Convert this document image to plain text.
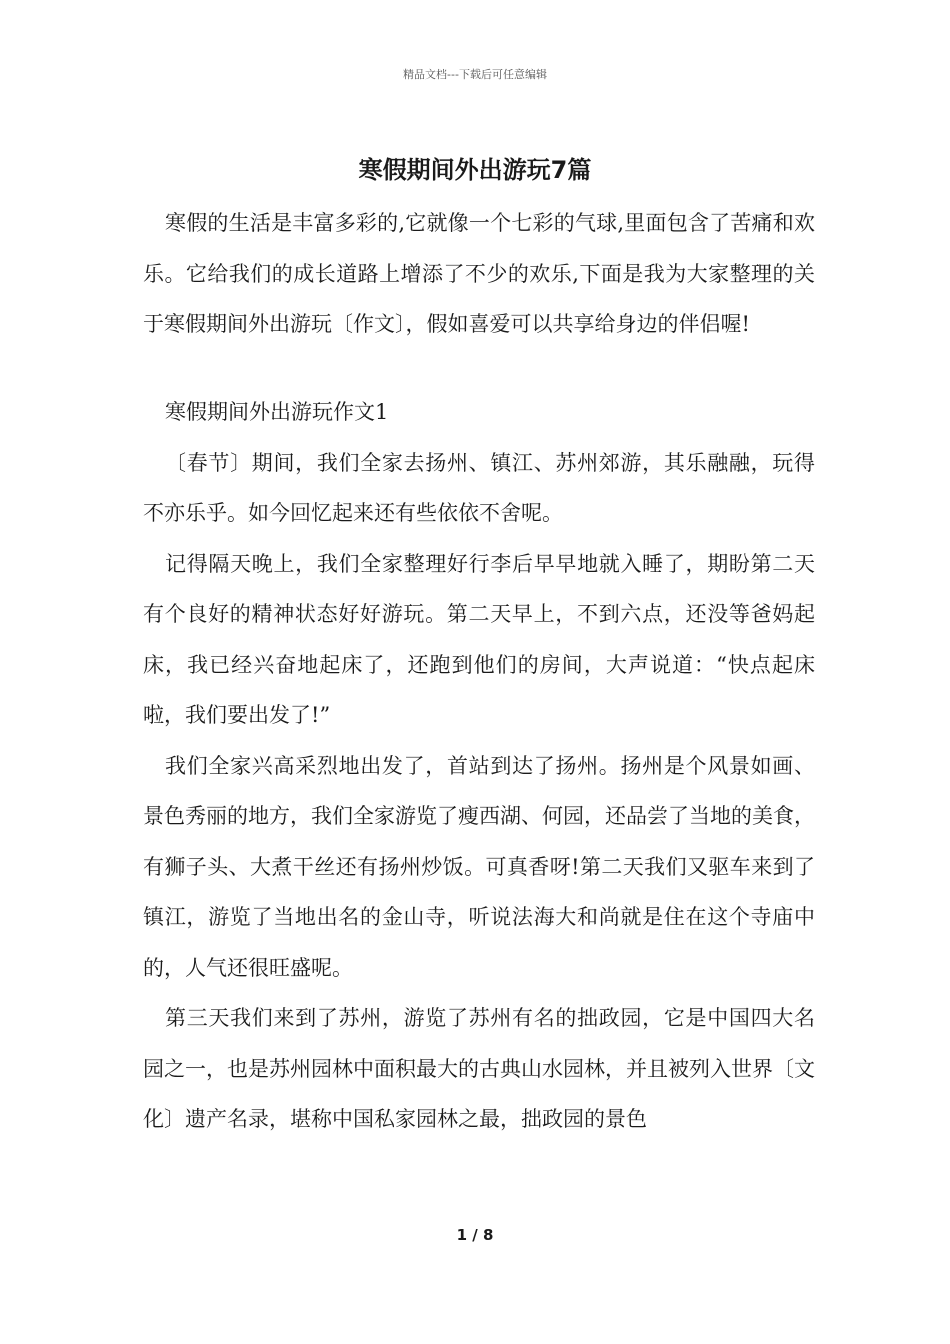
精品文档---下载后可任意编辑
寒假期间外出游玩7篇

寒假的生活是丰富多彩的,它就像一个七彩的气球,里面包含了苦痛和欢乐。它给我们的成长道路上增添了不少的欢乐,下面是我为大家整理的关于寒假期间外出游玩〔作文〕，假如喜爱可以共享给身边的伴侣喔!

寒假期间外出游玩作文1

〔春节〕期间，我们全家去扬州、镇江、苏州郊游，其乐融融，玩得不亦乐乎。如今回忆起来还有些依依不舍呢。

记得隔天晚上，我们全家整理好行李后早早地就入睡了，期盼第二天有个良好的精神状态好好游玩。第二天早上，不到六点，还没等爸妈起床，我已经兴奋地起床了，还跑到他们的房间，大声说道：“快点起床啦，我们要出发了!”

我们全家兴高采烈地出发了，首站到达了扬州。扬州是个风景如画、景色秀丽的地方，我们全家游览了瘦西湖、何园，还品尝了当地的美食，有狮子头、大煮干丝还有扬州炒饭。可真香呀!第二天我们又驱车来到了镇江，游览了当地出名的金山寺，听说法海大和尚就是住在这个寺庙中的，人气还很旺盛呢。

第三天我们来到了苏州，游览了苏州有名的拙政园，它是中国四大名园之一，也是苏州园林中面积最大的古典山水园林，并且被列入世界〔文化〕遗产名录，堪称中国私家园林之最，拙政园的景色

1 / 8
